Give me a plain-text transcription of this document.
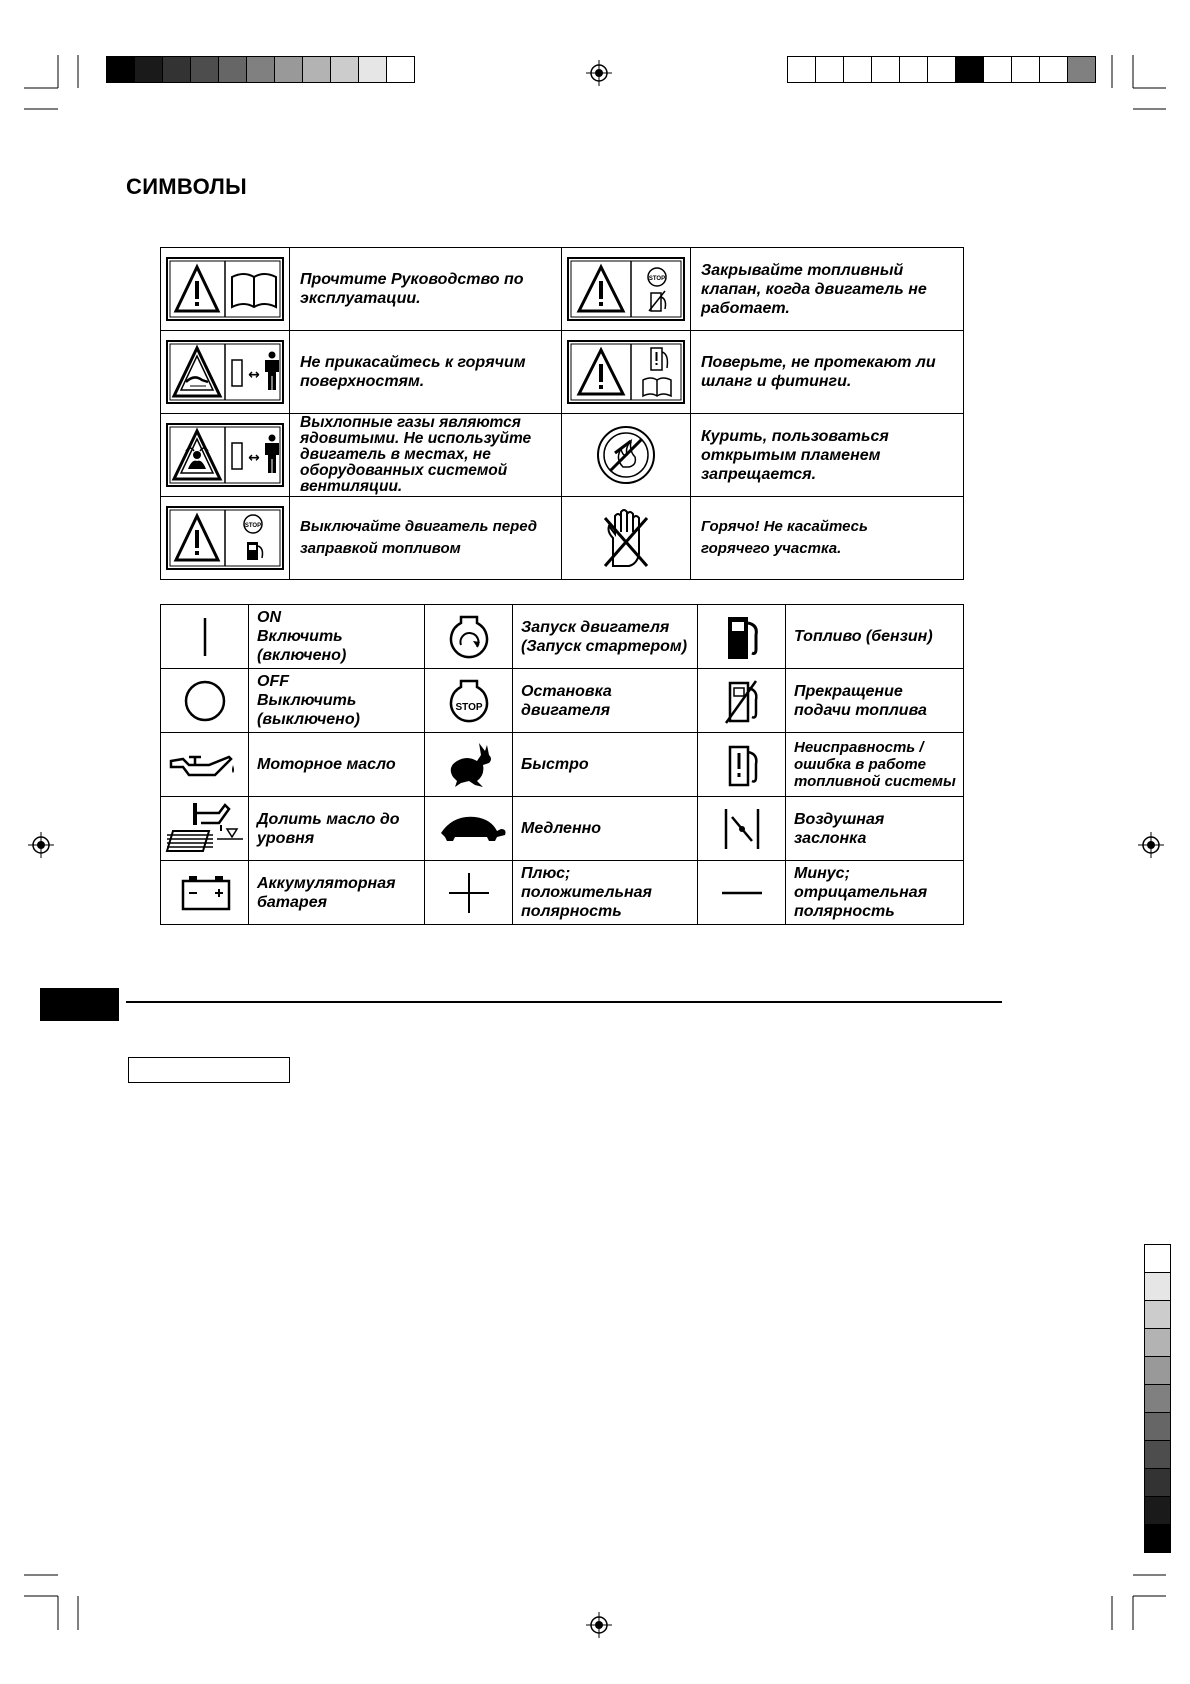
СИМВОЛЫ

Прочтите Руководство по
эксплуатации.	STOP	Закрывайте топливный
клапан, когда двигатель не
работает.

↔	Не прикасайтесь к горячим
поверхностям.		Поверьте, не протекают ли
шланг и фитинги.

↔	Выхлопные газы являются
ядовитыми. Не используйте
двигатель в местах, не
оборудованных системой
вентиляции.		Курить, пользоваться
открытым пламенем
запрещается.

STOP	Выключайте двигатель перед
заправкой топливом		Горячо! Не касайтесь
горячего участка.

ON
Включить
(включено)		Запуск двигателя
(Запуск стартером)		Топливо (бензин)

OFF
Выключить
(выключено)	STOP	Остановка
двигателя		Прекращение
подачи топлива

Моторное масло		Быстро		Неисправность /
ошибка в работе
топливной системы

Долить масло до
уровня		Медленно		Воздушная
заслонка

Аккумуляторная
батарея		Плюс;
положительная
полярность		Минус;
отрицательная
полярность
